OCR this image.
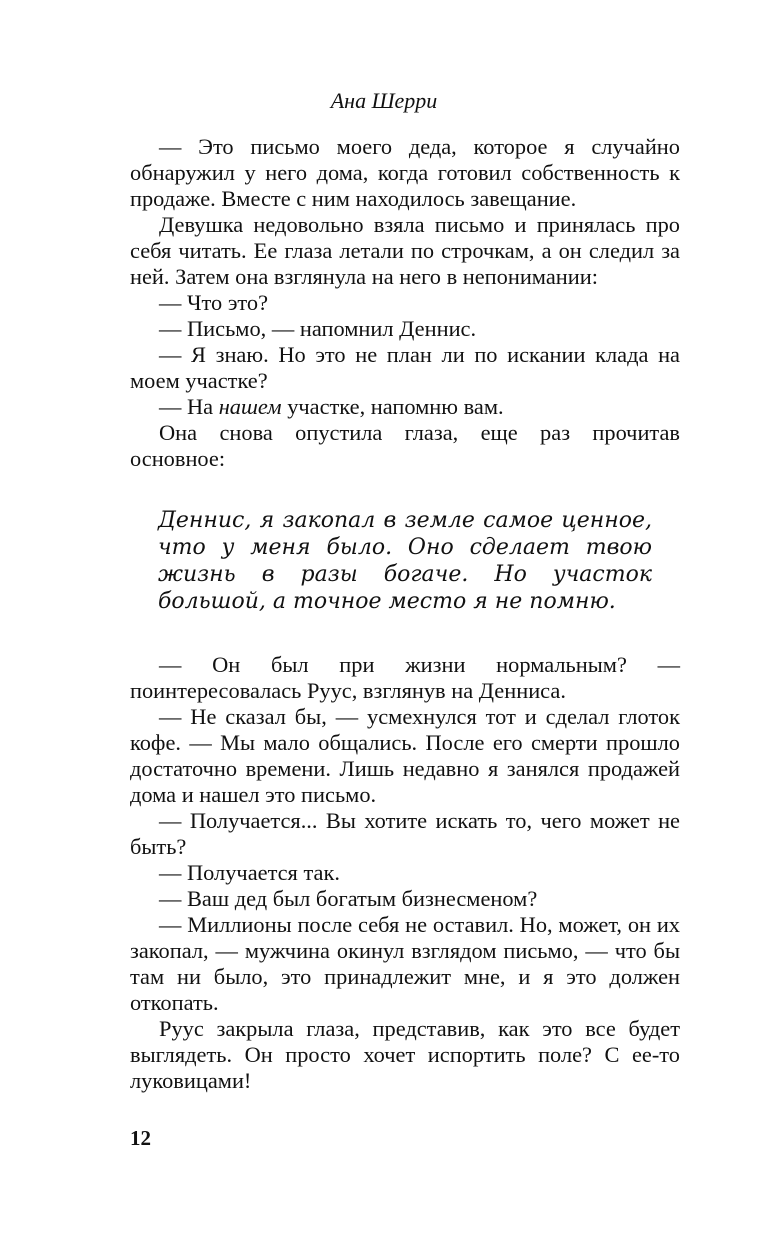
Ана Шерри

— Это письмо моего деда, которое я случайно обнаружил у него дома, когда готовил собственность к продаже. Вместе с ним находилось завещание.

Девушка недовольно взяла письмо и принялась про себя читать. Ее глаза летали по строчкам, а он следил за ней. Затем она взглянула на него в непонимании:

— Что это?

— Письмо, — напомнил Деннис.

— Я знаю. Но это не план ли по искании клада на моем участке?

— На нашем участке, напомню вам.

Она снова опустила глаза, еще раз прочитав основное:

Деннис, я закопал в земле самое ценное, что у меня было. Оно сделает твою жизнь в разы богаче. Но участок большой, а точное место я не помню.

— Он был при жизни нормальным? — поинтересовалась Руус, взглянув на Денниса.

— Не сказал бы, — усмехнулся тот и сделал глоток кофе. — Мы мало общались. После его смерти прошло достаточно времени. Лишь недавно я занялся продажей дома и нашел это письмо.

— Получается... Вы хотите искать то, чего может не быть?

— Получается так.

— Ваш дед был богатым бизнесменом?

— Миллионы после себя не оставил. Но, может, он их закопал, — мужчина окинул взглядом письмо, — что бы там ни было, это принадлежит мне, и я это должен откопать.

Руус закрыла глаза, представив, как это все будет выглядеть. Он просто хочет испортить поле? С ее-то луковицами!

12
